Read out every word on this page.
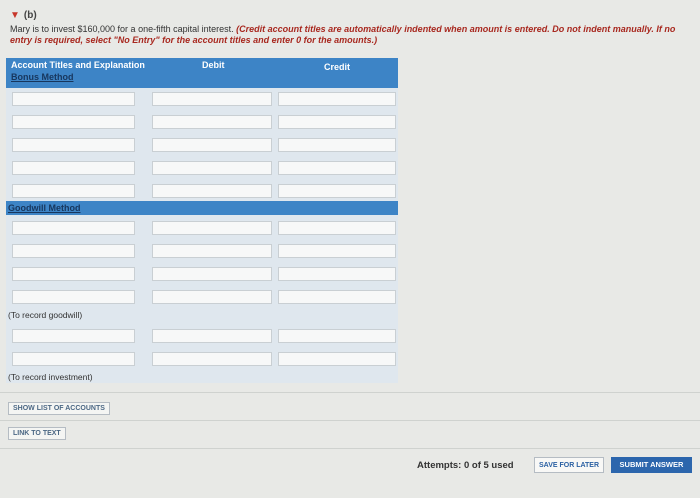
▼ (b)
Mary is to invest $160,000 for a one-fifth capital interest. (Credit account titles are automatically indented when amount is entered. Do not indent manually. If no entry is required, select "No Entry" for the account titles and enter 0 for the amounts.)
Account Titles and Explanation	Debit	Credit
Bonus Method
Goodwill Method
(To record goodwill)
(To record investment)
SHOW LIST OF ACCOUNTS
LINK TO TEXT
Attempts: 0 of 5 used	SAVE FOR LATER	SUBMIT ANSWER
